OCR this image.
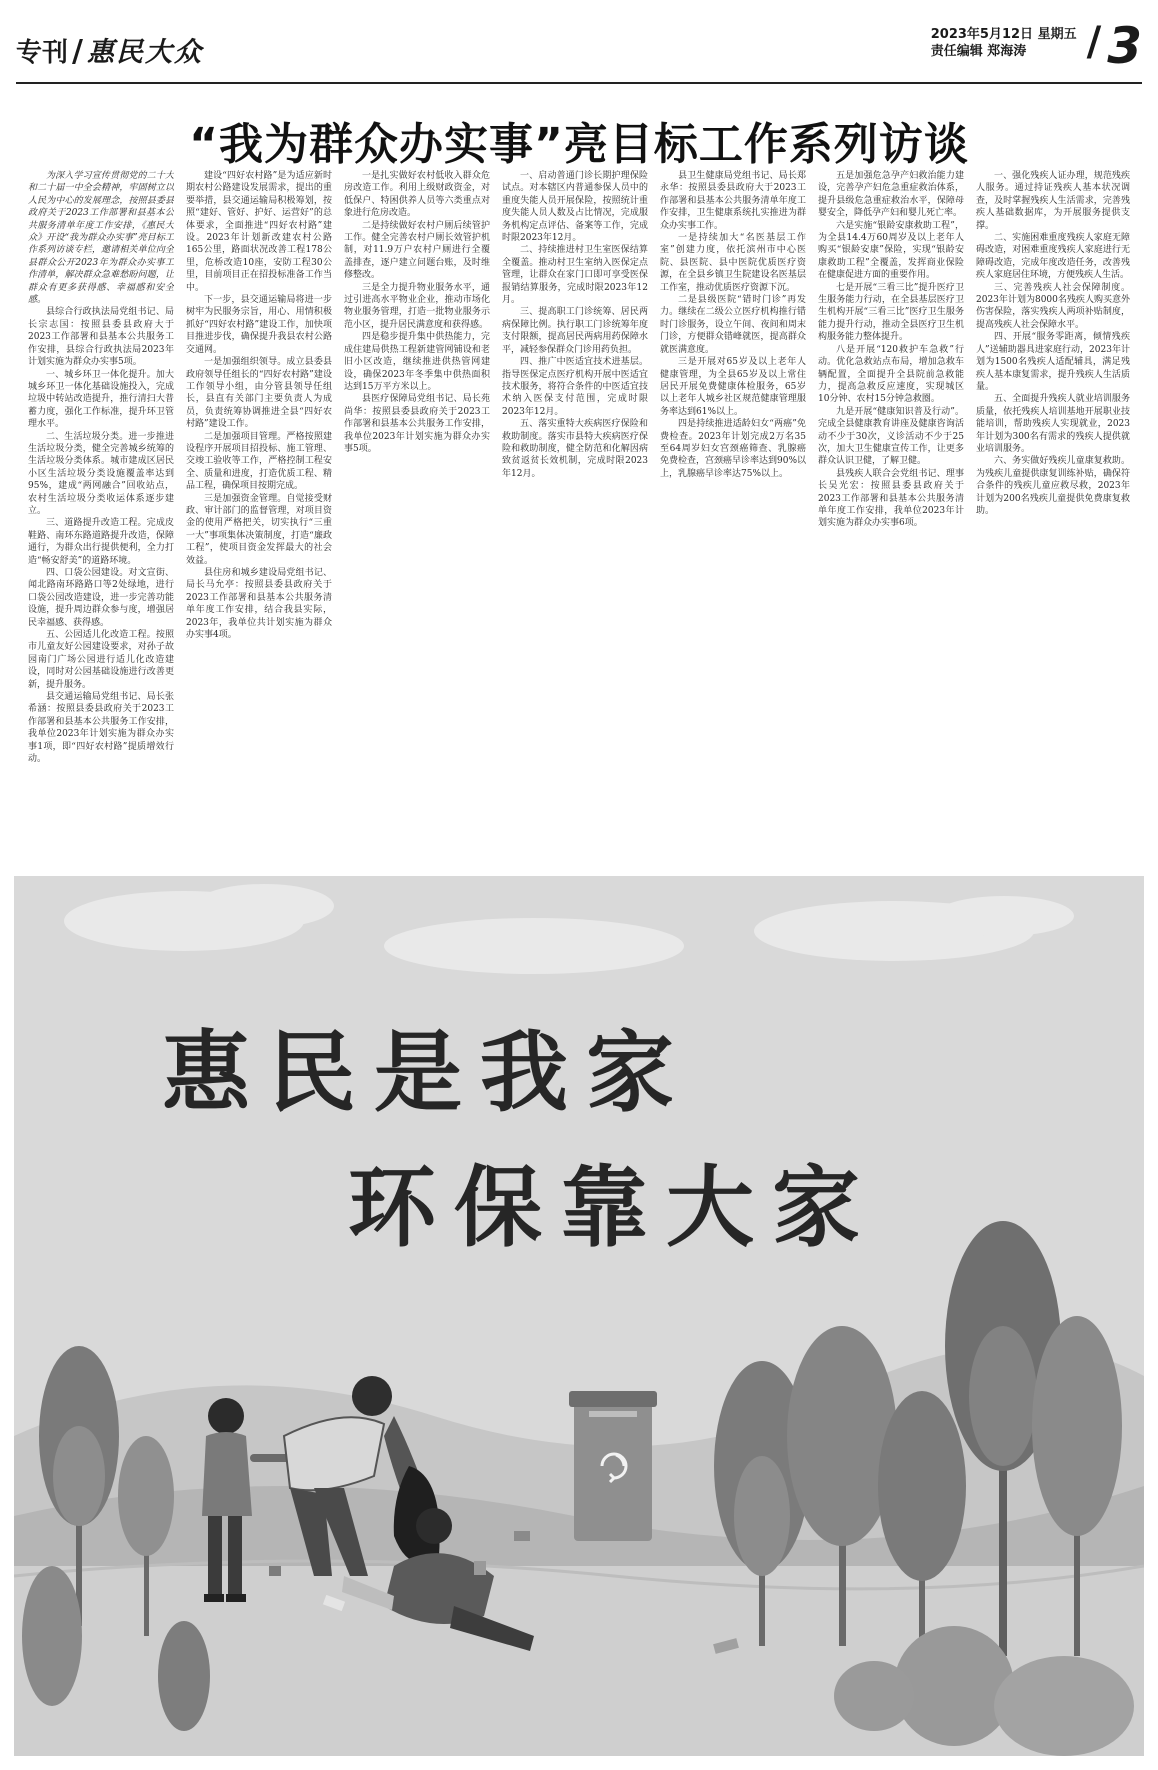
专刊 / 惠民大众
2023年5月12日 星期五
责任编辑 郑海涛	/ 3
“我为群众办实事”亮目标工作系列访谈

为深入学习宣传贯彻党的二十大和二十届一中全会精神，牢固树立以人民为中心的发展理念，按照县委县政府关于2023工作部署和县基本公共服务清单年度工作安排，《惠民大众》开设“我为群众办实事”亮目标工作系列访谈专栏，邀请相关单位向全县群众公开2023年为群众办实事工作清单，解决群众急难愁盼问题，让群众有更多获得感、幸福感和安全感。

县综合行政执法局党组书记、局长宗志国：按照县委县政府大于2023工作部署和县基本公共服务工作安排，县综合行政执法局2023年计划实施为群众办实事5项。

一、城乡环卫一体化提升。加大城乡环卫一体化基础设施投入，完成垃圾中转站改造提升，推行清扫大普蓄力度，强化工作标准，提升环卫管理水平。

二、生活垃圾分类。进一步推进生活垃圾分类，健全完善城乡统筹的生活垃圾分类体系。城市建成区居民小区生活垃圾分类设施覆盖率达到95%，建成“两网融合”回收站点，农村生活垃圾分类收运体系逐步建立。

三、道路提升改造工程。完成皮鞋路、南环东路道路提升改造，保障通行，为群众出行提供便利，全力打造“畅安舒美”的道路环境。

四、口袋公园建设。对文宣街、闻北路南环路路口等2处绿地，进行口袋公园改造建设，进一步完善功能设施，提升周边群众参与度，增强居民幸福感、获得感。

五、公园适儿化改造工程。按照市儿童友好公园建设要求，对孙子故园南门广场公园进行适儿化改造建设，同时对公园基础设施进行改善更新，提升服务。

县交通运输局党组书记、局长张希涵：按照县委县政府关于2023工作部署和县基本公共服务工作安排，我单位2023年计划实施为群众办实事1项，即“四好农村路”提质增效行动。

建设“四好农村路”是为适应新时期农村公路建设发展需求，提出的重要举措，县交通运输局积极筹划，按照“建好、管好、护好、运营好”的总体要求，全面推进“四好农村路”建设。2023年计划新改建农村公路165公里，路面状况改善工程178公里，危桥改造10座，安防工程30公里，目前项目正在招投标准备工作当中。

下一步，县交通运输局将进一步树牢为民服务宗旨，用心、用情积极抓好“四好农村路”建设工作，加快项目推进步伐，确保提升我县农村公路交通网。

一是加强组织领导。成立县委县政府领导任组长的“四好农村路”建设工作领导小组，由分管县领导任组长，县直有关部门主要负责人为成员，负责统筹协调推进全县“四好农村路”建设工作。

二是加强项目管理。严格按照建设程序开展项目招投标、施工管理、交竣工验收等工作，严格控制工程安全、质量和进度，打造优质工程、精品工程，确保项目按期完成。

三是加强资金管理。自觉接受财政、审计部门的监督管理，对项目资金的使用严格把关，切实执行“三重一大”事项集体决策制度，打造“廉政工程”，使项目资金发挥最大的社会效益。

县住房和城乡建设局党组书记、局长马允亭：按照县委县政府关于2023工作部署和县基本公共服务清单年度工作安排，结合我县实际，2023年，我单位共计划实施为群众办实事4项。

一是扎实做好农村低收入群众危房改造工作。利用上级财政资金，对低保户、特困供养人员等六类重点对象进行危房改造。

二是持续做好农村户厕后续管护工作。健全完善农村户厕长效管护机制，对11.9万户农村户厕进行全覆盖排查，逐户建立问题台账，及时维修整改。

三是全力提升物业服务水平，通过引进高水平物业企业，推动市场化物业服务管理，打造一批物业服务示范小区，提升居民满意度和获得感。

四是稳步提升集中供热能力，完成住建局供热工程新建管网铺设和老旧小区改造，继续推进供热管网建设，确保2023年冬季集中供热面积达到15万平方米以上。

县医疗保障局党组书记、局长苑尚华：按照县委县政府关于2023工作部署和县基本公共服务工作安排，我单位2023年计划实施为群众办实事5项。

一、启动普通门诊长期护理保险试点。对本辖区内普通参保人员中的重度失能人员开展保险，按照统计重度失能人员人数及占比情况，完成服务机构定点评估、备案等工作，完成时限2023年12月。

二、持续推进村卫生室医保结算全覆盖。推动村卫生室纳入医保定点管理，让群众在家门口即可享受医保报销结算服务，完成时限2023年12月。

三、提高职工门诊统筹、居民两病保障比例。执行职工门诊统筹年度支付限额，提高居民两病用药保障水平，减轻参保群众门诊用药负担。

四、推广中医适宜技术进基层。指导医保定点医疗机构开展中医适宜技术服务，将符合条件的中医适宜技术纳入医保支付范围，完成时限2023年12月。

五、落实重特大疾病医疗保险和救助制度。落实市县特大疾病医疗保险和救助制度，健全防范和化解因病致贫返贫长效机制，完成时限2023年12月。

县卫生健康局党组书记、局长郑永华：按照县委县政府大于2023工作部署和县基本公共服务清单年度工作安排，卫生健康系统扎实推进为群众办实事工作。

一是持续加大“名医基层工作室”创建力度，依托滨州市中心医院、县医院、县中医院优质医疗资源，在全县乡镇卫生院建设名医基层工作室，推动优质医疗资源下沉。

二是县级医院“错时门诊”再发力。继续在二级公立医疗机构推行错时门诊服务，设立午间、夜间和周末门诊，方便群众错峰就医，提高群众就医满意度。

三是开展对65岁及以上老年人健康管理，为全县65岁及以上常住居民开展免费健康体检服务，65岁以上老年人城乡社区规范健康管理服务率达到61%以上。

四是持续推进适龄妇女“两癌”免费检查。2023年计划完成2万名35至64周岁妇女宫颈癌筛查、乳腺癌免费检查，宫颈癌早诊率达到90%以上，乳腺癌早诊率达75%以上。

五是加强危急孕产妇救治能力建设，完善孕产妇危急重症救治体系，提升县级危急重症救治水平，保障母婴安全，降低孕产妇和婴儿死亡率。

六是实施“银龄安康救助工程”，为全县14.4万60周岁及以上老年人购买“银龄安康”保险，实现“银龄安康救助工程”全覆盖，发挥商业保险在健康促进方面的重要作用。

七是开展“三看三比”提升医疗卫生服务能力行动，在全县基层医疗卫生机构开展“三看三比”医疗卫生服务能力提升行动，推动全县医疗卫生机构服务能力整体提升。

八是开展“120救护车急救”行动。优化急救站点布局，增加急救车辆配置，全面提升全县院前急救能力，提高急救反应速度，实现城区10分钟、农村15分钟急救圈。

九是开展“健康知识普及行动”。完成全县健康教育讲座及健康咨询活动不少于30次，义诊活动不少于25次，加大卫生健康宣传工作，让更多群众认识卫健，了解卫健。

县残疾人联合会党组书记、理事长吴光宏：按照县委县政府关于2023工作部署和县基本公共服务清单年度工作安排，我单位2023年计划实施为群众办实事6项。

一、强化残疾人证办理，规范残疾人服务。通过持证残疾人基本状况调查，及时掌握残疾人生活需求，完善残疾人基础数据库，为开展服务提供支撑。

二、实施困难重度残疾人家庭无障碍改造，对困难重度残疾人家庭进行无障碍改造，完成年度改造任务，改善残疾人家庭居住环境，方便残疾人生活。

三、完善残疾人社会保障制度。2023年计划为8000名残疾人购买意外伤害保险，落实残疾人两项补贴制度，提高残疾人社会保障水平。

四、开展“服务零距离，倾情残疾人”送辅助器具进家庭行动，2023年计划为1500名残疾人适配辅具，满足残疾人基本康复需求，提升残疾人生活质量。

五、全面提升残疾人就业培训服务质量，依托残疾人培训基地开展职业技能培训，帮助残疾人实现就业，2023年计划为300名有需求的残疾人提供就业培训服务。

六、务实做好残疾儿童康复救助。为残疾儿童提供康复训练补贴，确保符合条件的残疾儿童应救尽救，2023年计划为200名残疾儿童提供免费康复救助。

惠民是我家
环保靠大家
